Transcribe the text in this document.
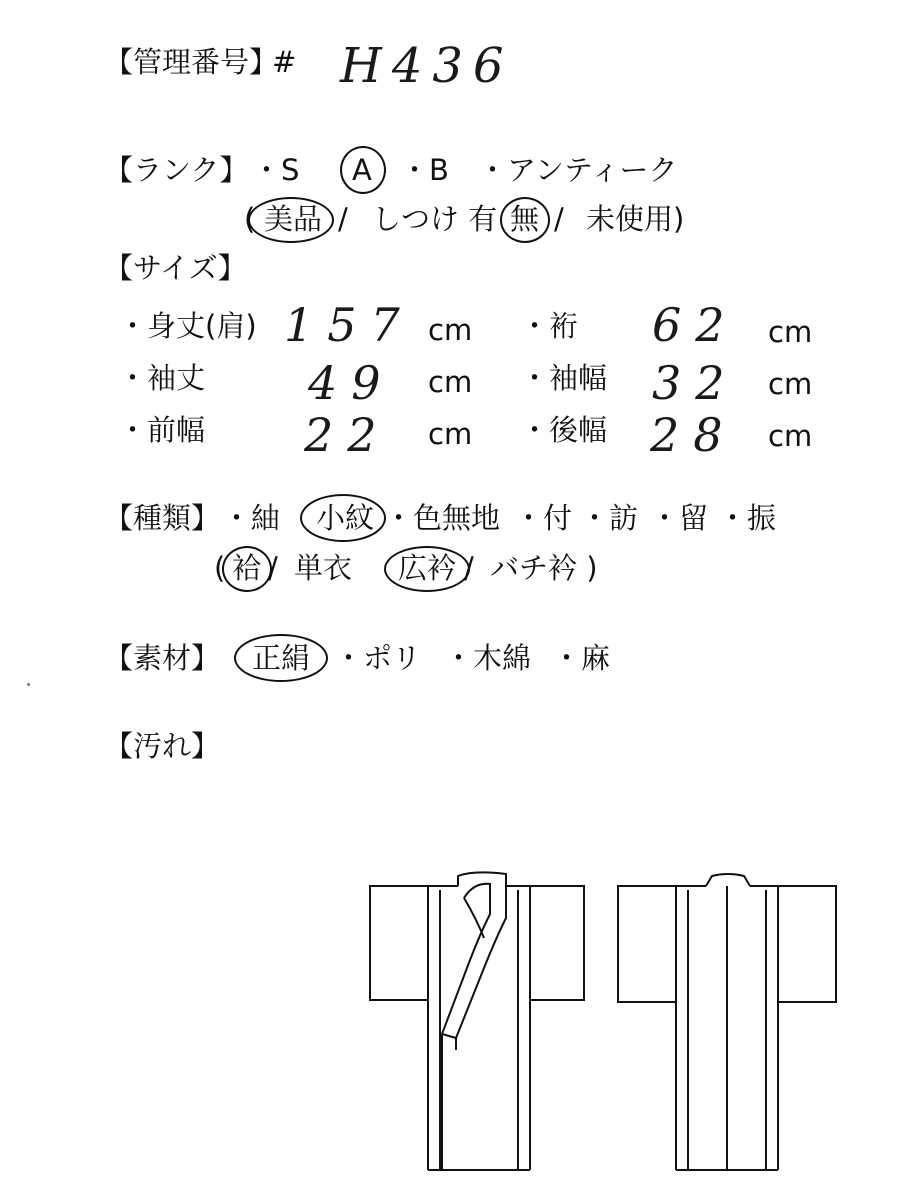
【管理番号】
# H436
【ランク】 ・S A ・B ・アンティーク
( 美品 / しつけ 有 無 / 未使用)
【サイズ】
・身丈(肩) 157 cm ・裄 62 cm
・袖丈 49 cm ・袖幅 32 cm
・前幅 22 cm ・後幅 28 cm
【種類】 ・紬 小紋 ・色無地 ・付 ・訪 ・留 ・振
( 袷 / 単衣 広衿 / バチ衿 )
【素材】 正絹 ・ポリ ・木綿 ・麻
【汚れ】
